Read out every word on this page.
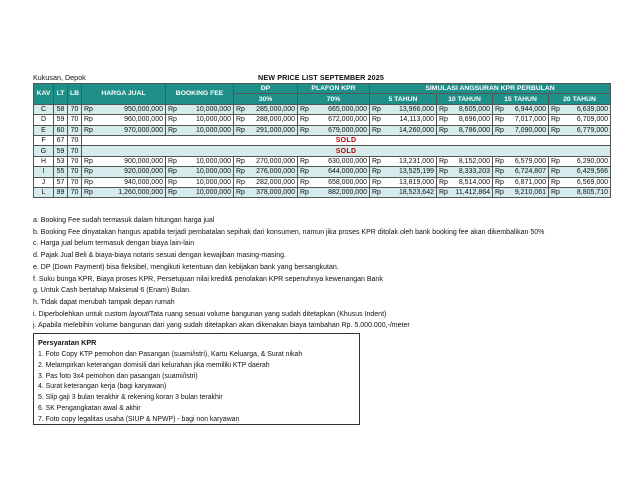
Kukusan, Depok	NEW PRICE LIST SEPTEMBER 2025
KAV	LT	LB	HARGA JUAL	BOOKING FEE	DP	PLAFON KPR	SIMULASI ANGSURAN KPR PERBULAN			
					30%	70%	5 TAHUN	10 TAHUN	15 TAHUN	20 TAHUN
C	58	70	Rp 950,000,000	Rp 10,000,000	Rp 285,000,000	Rp 665,000,000	Rp 13,966,000	Rp 8,605,000	Rp 6,944,000	Rp 6,639,000

D	59	70	Rp 960,000,000	Rp 10,000,000	Rp 288,000,000	Rp 672,000,000	Rp 14,113,000	Rp 8,696,000	Rp 7,017,000	Rp 6,709,000

E	60	70	Rp 970,000,000	Rp 10,000,000	Rp 291,000,000	Rp 679,000,000	Rp 14,260,000	Rp 8,786,000	Rp 7,090,000	Rp 6,779,000

F	67	70	SOLD							
G	59	70	SOLD							
H	53	70	Rp 900,000,000	Rp 10,000,000	Rp 270,000,000	Rp 630,000,000	Rp 13,231,000	Rp 8,152,000	Rp 6,579,000	Rp 6,290,000

I	55	70	Rp 920,000,000	Rp 10,000,000	Rp 276,000,000	Rp 644,000,000	Rp 13,525,199	Rp 8,333,203	Rp 6,724,807	Rp 6,429,566

J	57	70	Rp 940,000,000	Rp 10,000,000	Rp 282,000,000	Rp 658,000,000	Rp 13,819,000	Rp 8,514,000	Rp 6,871,000	Rp 6,569,000

L	89	70	Rp 1,260,000,000	Rp 10,000,000	Rp 378,000,000	Rp 882,000,000	Rp 18,523,642	Rp 11,412,864	Rp 9,210,061	Rp 8,805,710
a. Booking Fee sudah termasuk dalam hitungan harga jual
b. Booking Fee dinyatakan hangus apabila terjadi pembatalan sepihak dari konsumen, namun jika proses KPR ditolak oleh bank booking fee akan dikembalikan 50%
c. Harga jual belum termasuk dengan biaya lain-lain
d. Pajak Jual Beli & biaya-biaya notaris sesuai dengan kewajiban masing-masing.
e. DP (Down Payment) bisa fleksibel, mengikuti ketentuan dan kebijakan bank yang bersangkutan.
f. Suku bunga KPR, Biaya proses KPR, Persetujuan nilai kredit& penolakan KPR sepenuhnya kewenangan Bank
g. Untuk Cash bertahap Maksimal 6 (Enam) Bulan.
h. Tidak dapat merubah tampak depan rumah
i. Diperbolehkan untuk custom layout/Tata ruang sesuai volume bangunan yang sudah ditetapkan (Khusus Indent)
j. Apabila melebihin volume bangunan dari yang sudah ditetapkan akan dikenakan biaya tambahan Rp. 5.000.000,-/meter
Persyaratan KPR
1. Foto Copy KTP pemohon dan Pasangan (suami/istri), Kartu Keluarga, & Surat nikah
2. Melampirkan keterangan domisili dari kelurahan jika memiliki KTP daerah
3. Pas foto 3x4 pemohon dan pasangan (suami/istri)
4. Surat keterangan kerja (bagi karyawan)
5. Slip gaji 3 bulan terakhir & rekening koran 3 bulan terakhir
6. SK Pengangkatan awal & akhir
7. Foto copy legalitas usaha (SIUP & NPWP) - bagi non karyawan
